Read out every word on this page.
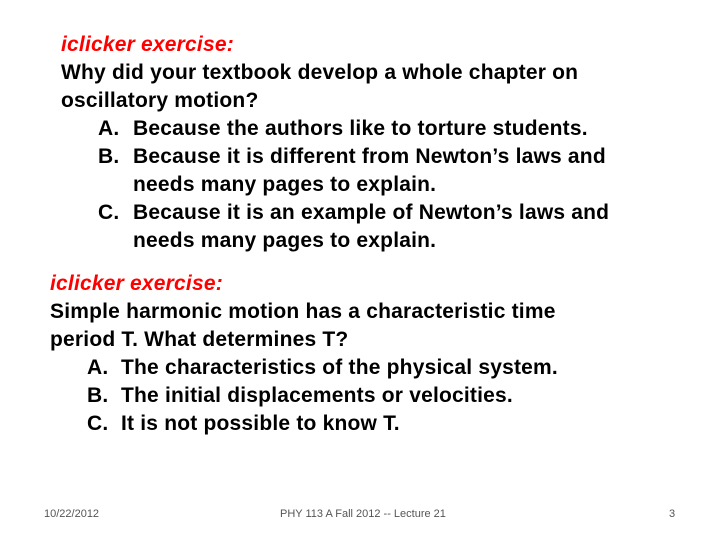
iclicker exercise:
Why did your textbook develop a whole chapter on
oscillatory motion?
A. Because the authors like to torture students.
B. Because it is different from Newton’s laws and
needs many pages to explain.
C. Because it is an example of Newton’s laws and
needs many pages to explain.
iclicker exercise:
Simple harmonic motion has a characteristic time
period T. What determines T?
A. The characteristics of the physical system.
B. The initial displacements or velocities.
C. It is not possible to know T.
10/22/2012	PHY 113 A Fall 2012 -- Lecture 21	3
